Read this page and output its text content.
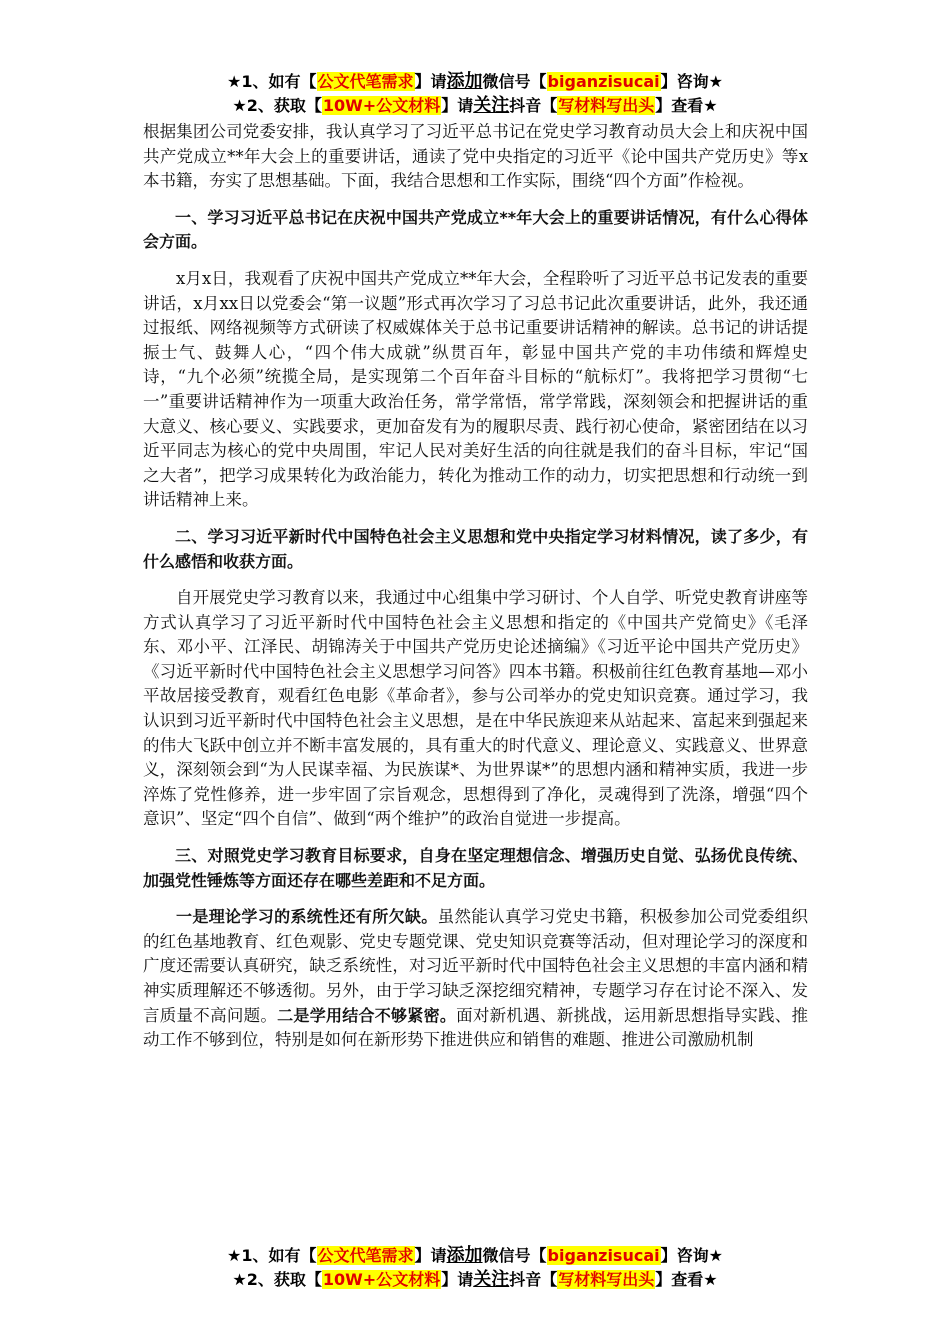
★1、如有【公文代笔需求】请添加微信号【biganzisucai】咨询★
★2、获取【10W+公文材料】请关注抖音【写材料写出头】查看★

根据集团公司党委安排，我认真学习了习近平总书记在党史学习教育动员大会上和庆祝中国共产党成立**年大会上的重要讲话，通读了党中央指定的习近平《论中国共产党历史》等x本书籍，夯实了思想基础。下面，我结合思想和工作实际，围绕“四个方面”作检视。

一、学习习近平总书记在庆祝中国共产党成立**年大会上的重要讲话情况，有什么心得体会方面。

x月x日，我观看了庆祝中国共产党成立**年大会，全程聆听了习近平总书记发表的重要讲话，x月xx日以党委会“第一议题”形式再次学习了习总书记此次重要讲话，此外，我还通过报纸、网络视频等方式研读了权威媒体关于总书记重要讲话精神的解读。总书记的讲话提振士气、鼓舞人心，“四个伟大成就”纵贯百年，彰显中国共产党的丰功伟绩和辉煌史诗，“九个必须”统揽全局，是实现第二个百年奋斗目标的“航标灯”。我将把学习贯彻“七一”重要讲话精神作为一项重大政治任务，常学常悟，常学常践，深刻领会和把握讲话的重大意义、核心要义、实践要求，更加奋发有为的履职尽责、践行初心使命，紧密团结在以习近平同志为核心的党中央周围，牢记人民对美好生活的向往就是我们的奋斗目标，牢记“国之大者”，把学习成果转化为政治能力，转化为推动工作的动力，切实把思想和行动统一到讲话精神上来。

二、学习习近平新时代中国特色社会主义思想和党中央指定学习材料情况，读了多少，有什么感悟和收获方面。

自开展党史学习教育以来，我通过中心组集中学习研讨、个人自学、听党史教育讲座等方式认真学习了习近平新时代中国特色社会主义思想和指定的《中国共产党简史》《毛泽东、邓小平、江泽民、胡锦涛关于中国共产党历史论述摘编》《习近平论中国共产党历史》《习近平新时代中国特色社会主义思想学习问答》四本书籍。积极前往红色教育基地—邓小平故居接受教育，观看红色电影《革命者》，参与公司举办的党史知识竞赛。通过学习，我认识到习近平新时代中国特色社会主义思想，是在中华民族迎来从站起来、富起来到强起来的伟大飞跃中创立并不断丰富发展的，具有重大的时代意义、理论意义、实践意义、世界意义，深刻领会到“为人民谋幸福、为民族谋*、为世界谋*”的思想内涵和精神实质，我进一步淬炼了党性修养，进一步牢固了宗旨观念，思想得到了净化，灵魂得到了洗涤，增强“四个意识”、坚定“四个自信”、做到“两个维护”的政治自觉进一步提高。

三、对照党史学习教育目标要求，自身在坚定理想信念、增强历史自觉、弘扬优良传统、加强党性锤炼等方面还存在哪些差距和不足方面。

一是理论学习的系统性还有所欠缺。虽然能认真学习党史书籍，积极参加公司党委组织的红色基地教育、红色观影、党史专题党课、党史知识竞赛等活动，但对理论学习的深度和广度还需要认真研究，缺乏系统性，对习近平新时代中国特色社会主义思想的丰富内涵和精神实质理解还不够透彻。另外，由于学习缺乏深挖细究精神，专题学习存在讨论不深入、发言质量不高问题。二是学用结合不够紧密。面对新机遇、新挑战，运用新思想指导实践、推动工作不够到位，特别是如何在新形势下推进供应和销售的难题、推进公司激励机制

★1、如有【公文代笔需求】请添加微信号【biganzisucai】咨询★
★2、获取【10W+公文材料】请关注抖音【写材料写出头】查看★
